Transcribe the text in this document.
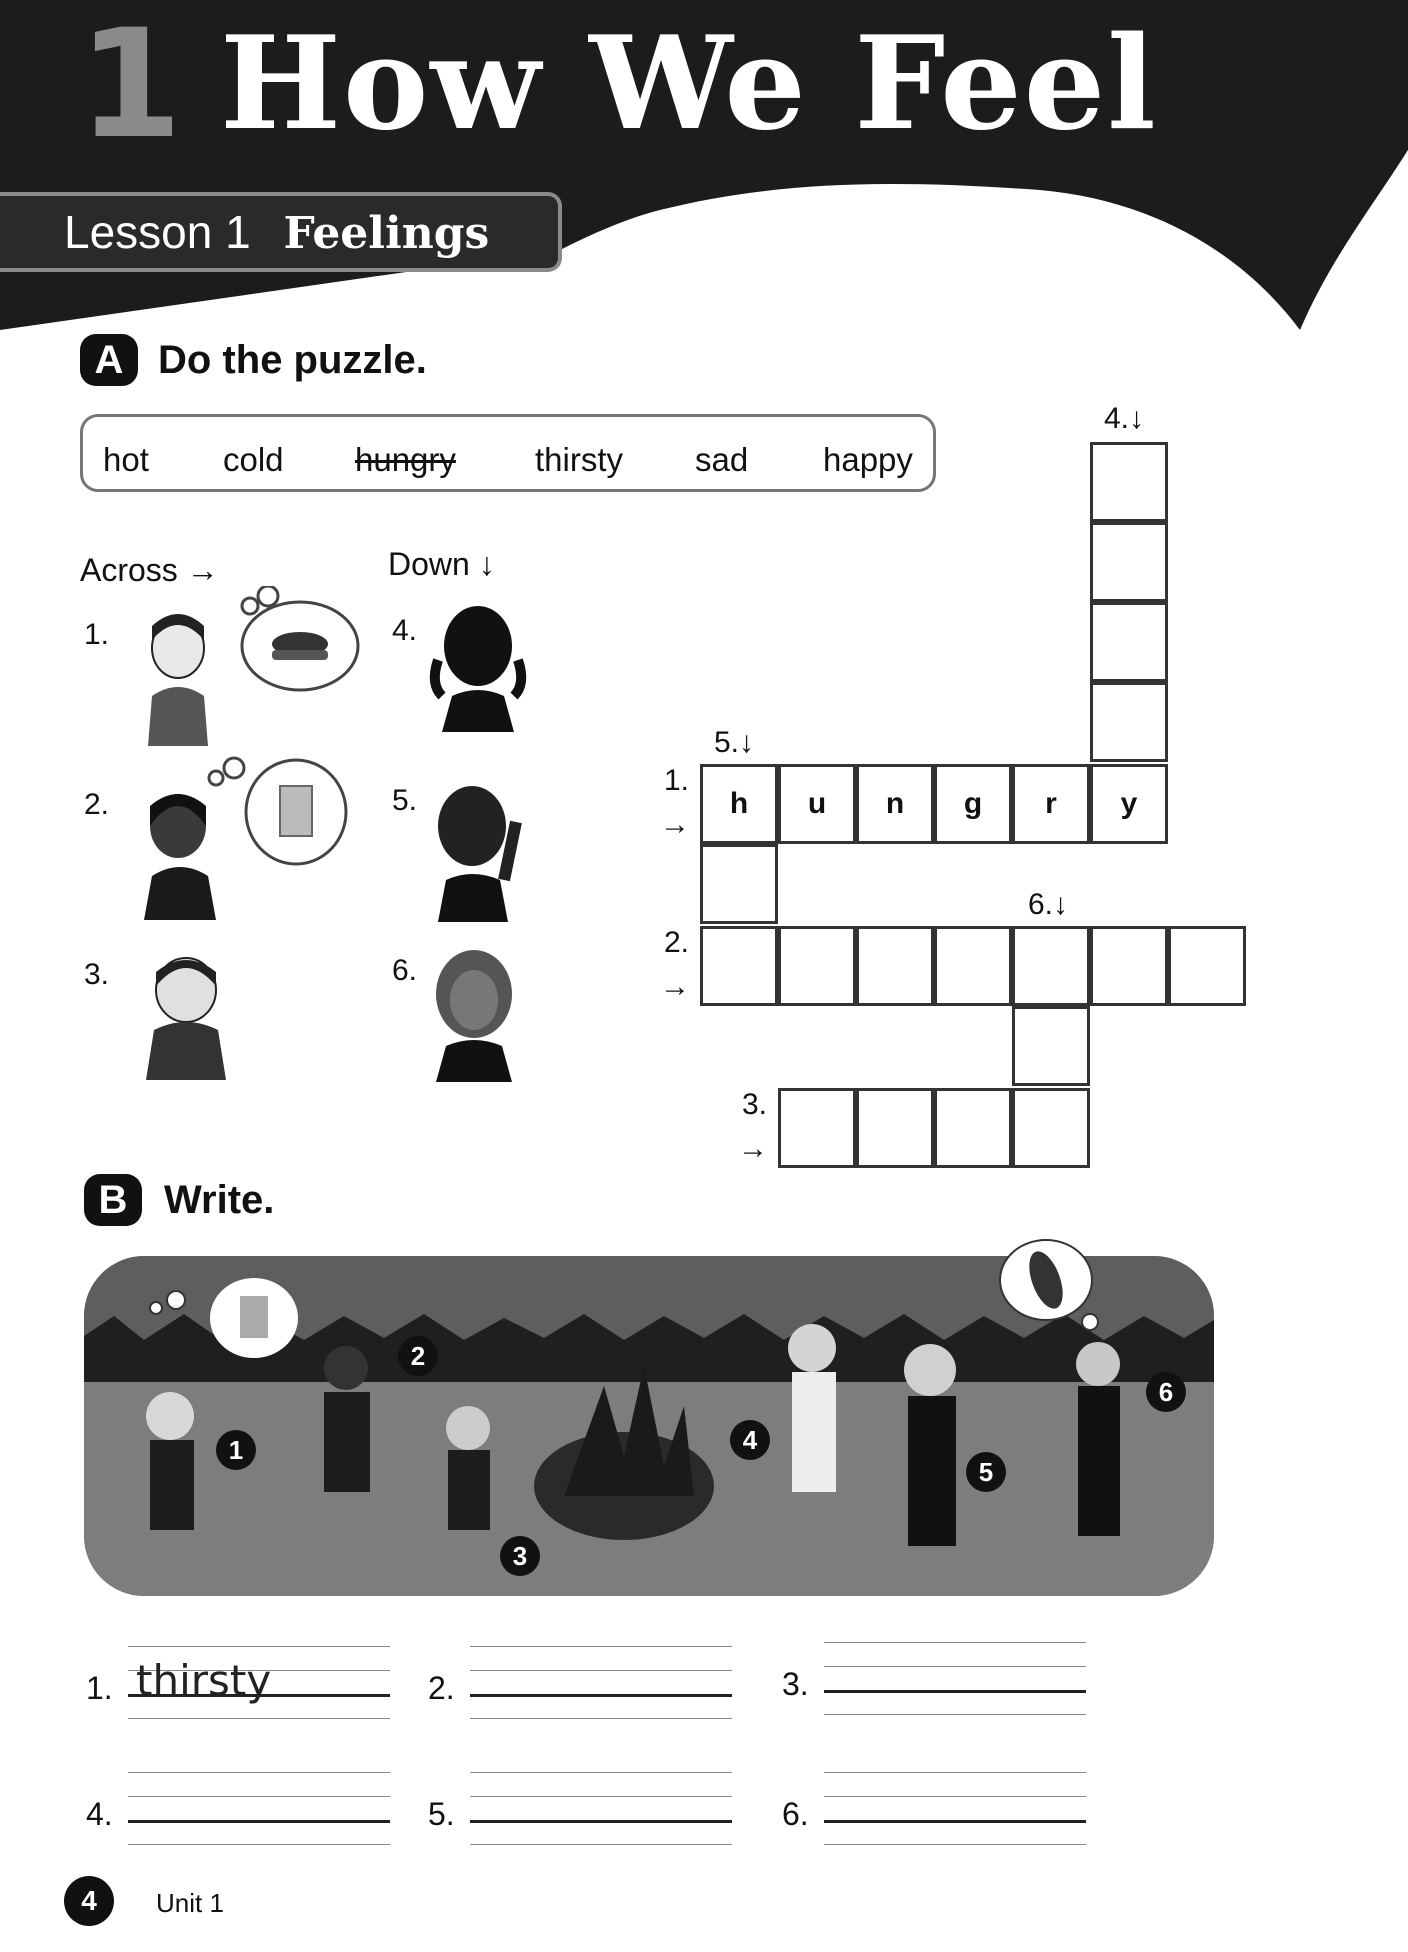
1 How We Feel
Lesson 1 Feelings
A Do the puzzle.
hot cold hungry thirsty sad happy
Across →	Down ↓
1.
2.
3.
4.
5.
6.
h	u	n	g	r	y
4.↓
5.↓
6.↓
1.
→
2.
→
3.
→
B Write.
1
2
3
4
5
6
1. thirsty	2.	3.
4.	5.	6.
4	Unit 1
